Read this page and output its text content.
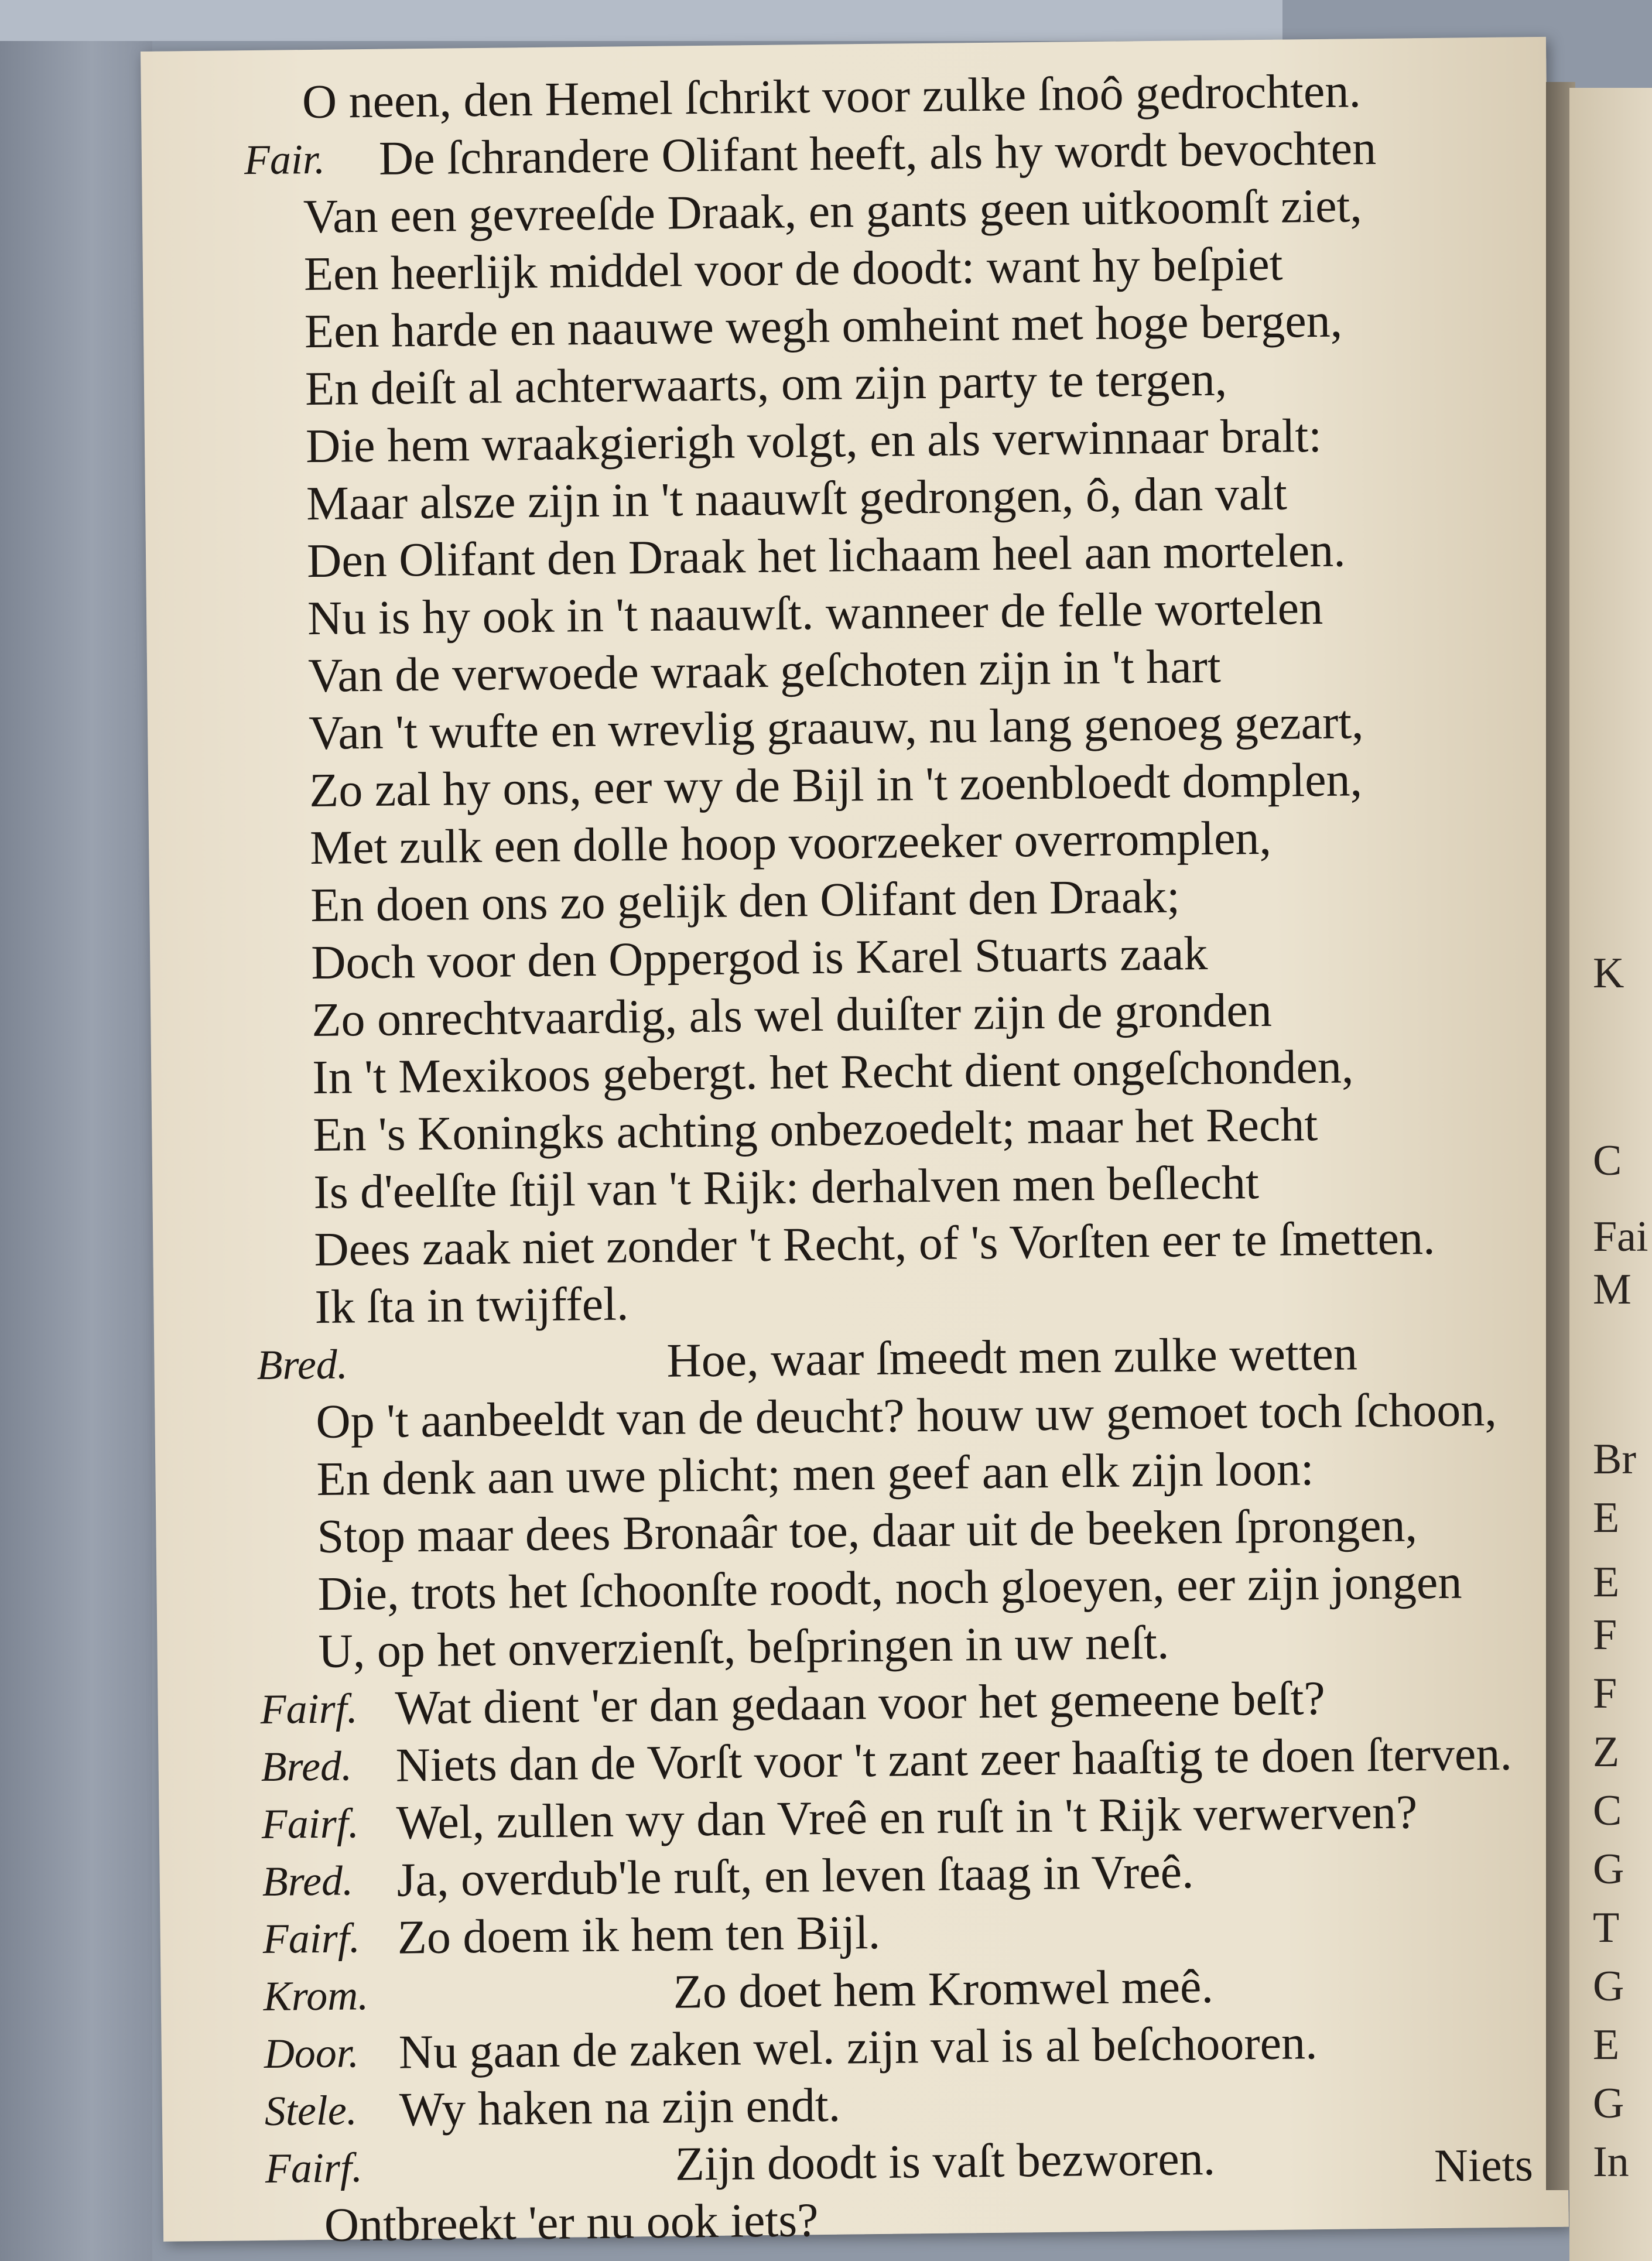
O neen, den Hemel ſchrikt voor zulke ſnoô gedrochten.
Fair. De ſchrandere Olifant heeft, als hy wordt bevochten
Van een gevreeſde Draak, en gants geen uitkoomſt ziet,
Een heerlijk middel voor de doodt: want hy beſpiet
Een harde en naauwe wegh omheint met hoge bergen,
En deiſt al achterwaarts, om zijn party te tergen,
Die hem wraakgierigh volgt, en als verwinnaar bralt:
Maar alsze zijn in 't naauwſt gedrongen, ô, dan valt
Den Olifant den Draak het lichaam heel aan mortelen.
Nu is hy ook in 't naauwſt. wanneer de felle wortelen
Van de verwoede wraak geſchoten zijn in 't hart
Van 't wufte en wrevlig graauw, nu lang genoeg gezart,
Zo zal hy ons, eer wy de Bijl in 't zoenbloedt domplen,
Met zulk een dolle hoop voorzeeker overromplen,
En doen ons zo gelijk den Olifant den Draak;
Doch voor den Oppergod is Karel Stuarts zaak
Zo onrechtvaardig, als wel duiſter zijn de gronden
In 't Mexikoos gebergt. het Recht dient ongeſchonden,
En 's Koningks achting onbezoedelt; maar het Recht
Is d'eelſte ſtijl van 't Rijk: derhalven men beſlecht
Dees zaak niet zonder 't Recht, of 's Vorſten eer te ſmetten.
Ik ſta in twijffel.
Bred.	Hoe, waar ſmeedt men zulke wetten
Op 't aanbeeldt van de deucht? houw uw gemoet toch ſchoon,
En denk aan uwe plicht; men geef aan elk zijn loon:
Stop maar dees Bronaâr toe, daar uit de beeken ſprongen,
Die, trots het ſchoonſte roodt, noch gloeyen, eer zijn jongen
U, op het onverzienſt, beſpringen in uw neſt.
Fairf. Wat dient 'er dan gedaan voor het gemeene beſt?
Bred. Niets dan de Vorſt voor 't zant zeer haaſtig te doen ſterven.
Fairf. Wel, zullen wy dan Vreê en ruſt in 't Rijk verwerven?
Bred. Ja, overdub'le ruſt, en leven ſtaag in Vreê.
Fairf. Zo doem ik hem ten Bijl.
Krom.	Zo doet hem Kromwel meê.
Door. Nu gaan de zaken wel. zijn val is al beſchooren.
Stele. Wy haken na zijn endt.
Fairf.	Zijn doodt is vaſt bezworen.
Ontbreekt 'er nu ook iets?
Niets
K
C
Fai
M
Br
E
E
F
F
Z
C
G
T
G
E
G
In
